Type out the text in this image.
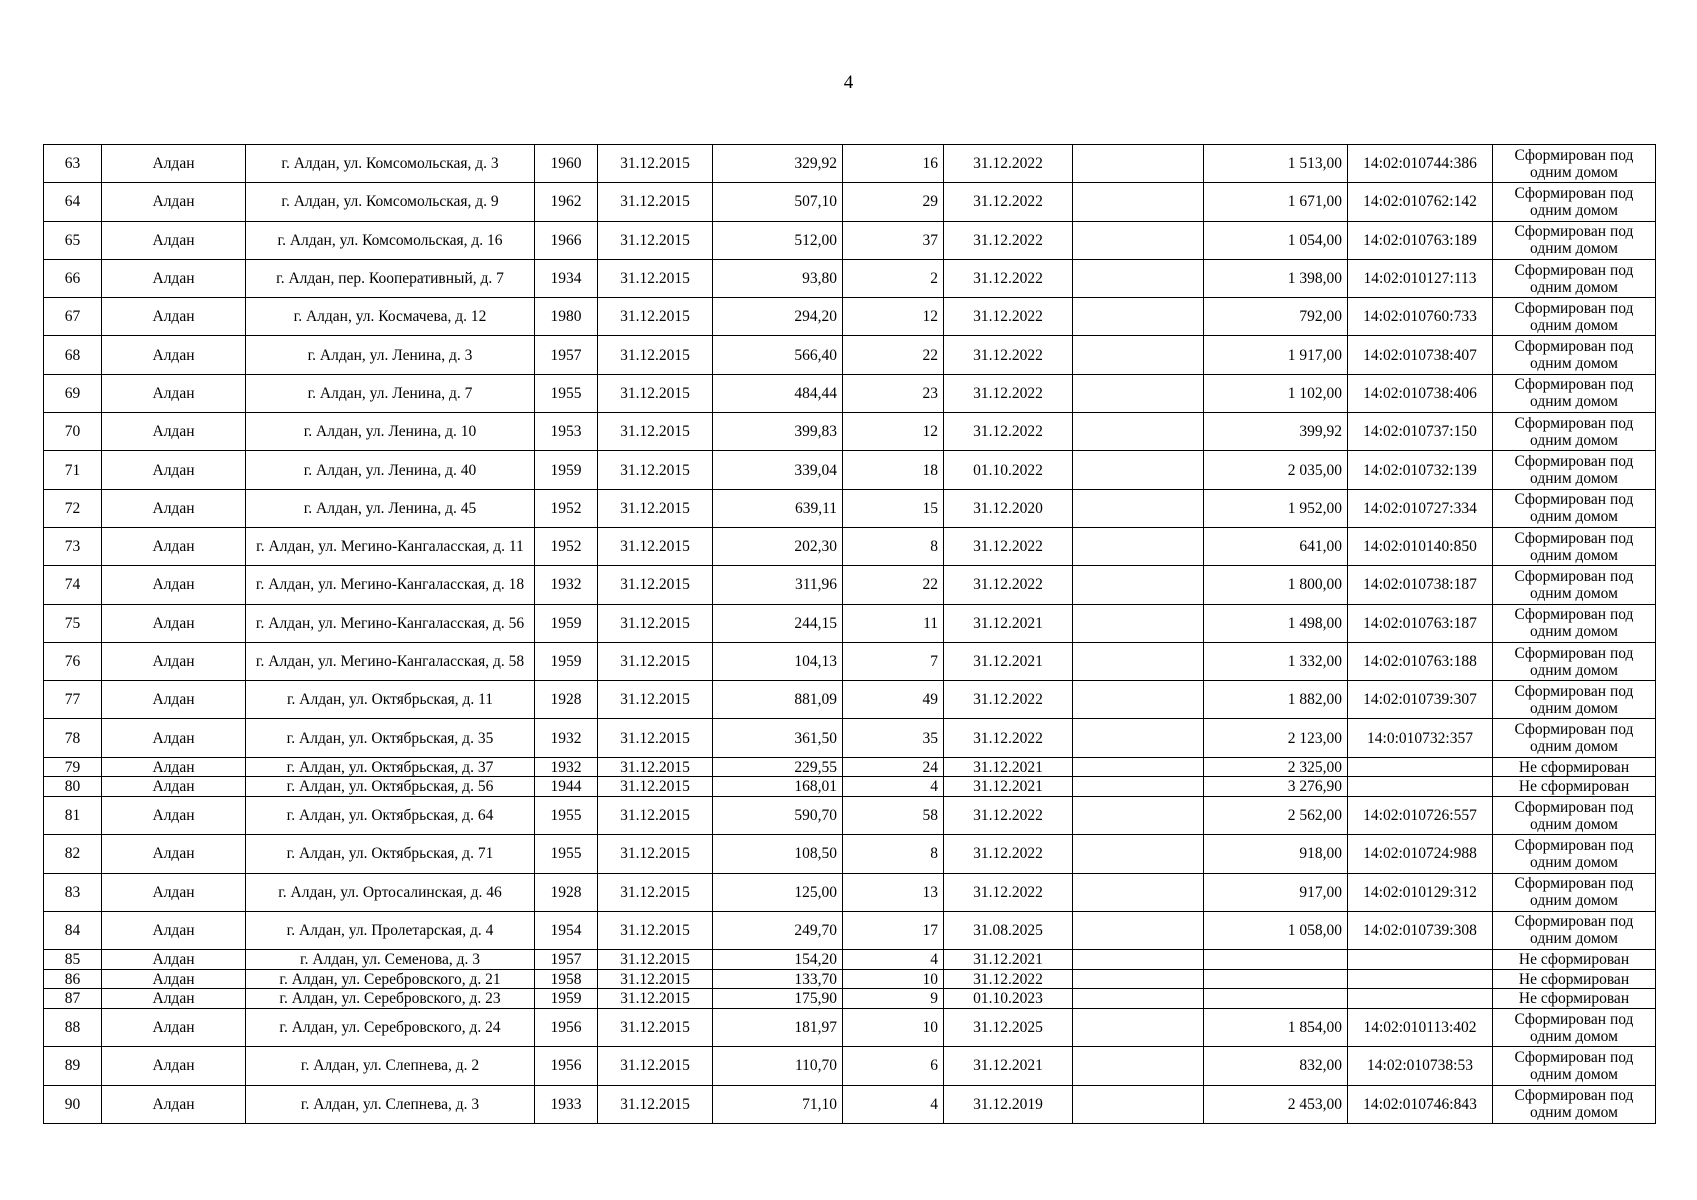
4
63	Алдан	г. Алдан, ул. Комсомольская, д. 3	1960	31.12.2015	329,92	16	31.12.2022		1 513,00	14:02:010744:386	Сформирован под одним домом
64	Алдан	г. Алдан, ул. Комсомольская, д. 9	1962	31.12.2015	507,10	29	31.12.2022		1 671,00	14:02:010762:142	Сформирован под одним домом
65	Алдан	г. Алдан, ул. Комсомольская, д. 16	1966	31.12.2015	512,00	37	31.12.2022		1 054,00	14:02:010763:189	Сформирован под одним домом
66	Алдан	г. Алдан, пер. Кооперативный, д. 7	1934	31.12.2015	93,80	2	31.12.2022		1 398,00	14:02:010127:113	Сформирован под одним домом
67	Алдан	г. Алдан, ул. Космачева, д. 12	1980	31.12.2015	294,20	12	31.12.2022		792,00	14:02:010760:733	Сформирован под одним домом
68	Алдан	г. Алдан, ул. Ленина, д. 3	1957	31.12.2015	566,40	22	31.12.2022		1 917,00	14:02:010738:407	Сформирован под одним домом
69	Алдан	г. Алдан, ул. Ленина, д. 7	1955	31.12.2015	484,44	23	31.12.2022		1 102,00	14:02:010738:406	Сформирован под одним домом
70	Алдан	г. Алдан, ул. Ленина, д. 10	1953	31.12.2015	399,83	12	31.12.2022		399,92	14:02:010737:150	Сформирован под одним домом
71	Алдан	г. Алдан, ул. Ленина, д. 40	1959	31.12.2015	339,04	18	01.10.2022		2 035,00	14:02:010732:139	Сформирован под одним домом
72	Алдан	г. Алдан, ул. Ленина, д. 45	1952	31.12.2015	639,11	15	31.12.2020		1 952,00	14:02:010727:334	Сформирован под одним домом
73	Алдан	г. Алдан, ул. Мегино-Кангаласская, д. 11	1952	31.12.2015	202,30	8	31.12.2022		641,00	14:02:010140:850	Сформирован под одним домом
74	Алдан	г. Алдан, ул. Мегино-Кангаласская, д. 18	1932	31.12.2015	311,96	22	31.12.2022		1 800,00	14:02:010738:187	Сформирован под одним домом
75	Алдан	г. Алдан, ул. Мегино-Кангаласская, д. 56	1959	31.12.2015	244,15	11	31.12.2021		1 498,00	14:02:010763:187	Сформирован под одним домом
76	Алдан	г. Алдан, ул. Мегино-Кангаласская, д. 58	1959	31.12.2015	104,13	7	31.12.2021		1 332,00	14:02:010763:188	Сформирован под одним домом
77	Алдан	г. Алдан, ул. Октябрьская, д. 11	1928	31.12.2015	881,09	49	31.12.2022		1 882,00	14:02:010739:307	Сформирован под одним домом
78	Алдан	г. Алдан, ул. Октябрьская, д. 35	1932	31.12.2015	361,50	35	31.12.2022		2 123,00	14:0:010732:357	Сформирован под одним домом
79	Алдан	г. Алдан, ул. Октябрьская, д. 37	1932	31.12.2015	229,55	24	31.12.2021		2 325,00		Не сформирован
80	Алдан	г. Алдан, ул. Октябрьская, д. 56	1944	31.12.2015	168,01	4	31.12.2021		3 276,90		Не сформирован
81	Алдан	г. Алдан, ул. Октябрьская, д. 64	1955	31.12.2015	590,70	58	31.12.2022		2 562,00	14:02:010726:557	Сформирован под одним домом
82	Алдан	г. Алдан, ул. Октябрьская, д. 71	1955	31.12.2015	108,50	8	31.12.2022		918,00	14:02:010724:988	Сформирован под одним домом
83	Алдан	г. Алдан, ул. Ортосалинская, д. 46	1928	31.12.2015	125,00	13	31.12.2022		917,00	14:02:010129:312	Сформирован под одним домом
84	Алдан	г. Алдан, ул. Пролетарская, д. 4	1954	31.12.2015	249,70	17	31.08.2025		1 058,00	14:02:010739:308	Сформирован под одним домом
85	Алдан	г. Алдан, ул. Семенова, д. 3	1957	31.12.2015	154,20	4	31.12.2021				Не сформирован
86	Алдан	г. Алдан, ул. Серебровского, д. 21	1958	31.12.2015	133,70	10	31.12.2022				Не сформирован
87	Алдан	г. Алдан, ул. Серебровского, д. 23	1959	31.12.2015	175,90	9	01.10.2023				Не сформирован
88	Алдан	г. Алдан, ул. Серебровского, д. 24	1956	31.12.2015	181,97	10	31.12.2025		1 854,00	14:02:010113:402	Сформирован под одним домом
89	Алдан	г. Алдан, ул. Слепнева, д. 2	1956	31.12.2015	110,70	6	31.12.2021		832,00	14:02:010738:53	Сформирован под одним домом
90	Алдан	г. Алдан, ул. Слепнева, д. 3	1933	31.12.2015	71,10	4	31.12.2019		2 453,00	14:02:010746:843	Сформирован под одним домом
